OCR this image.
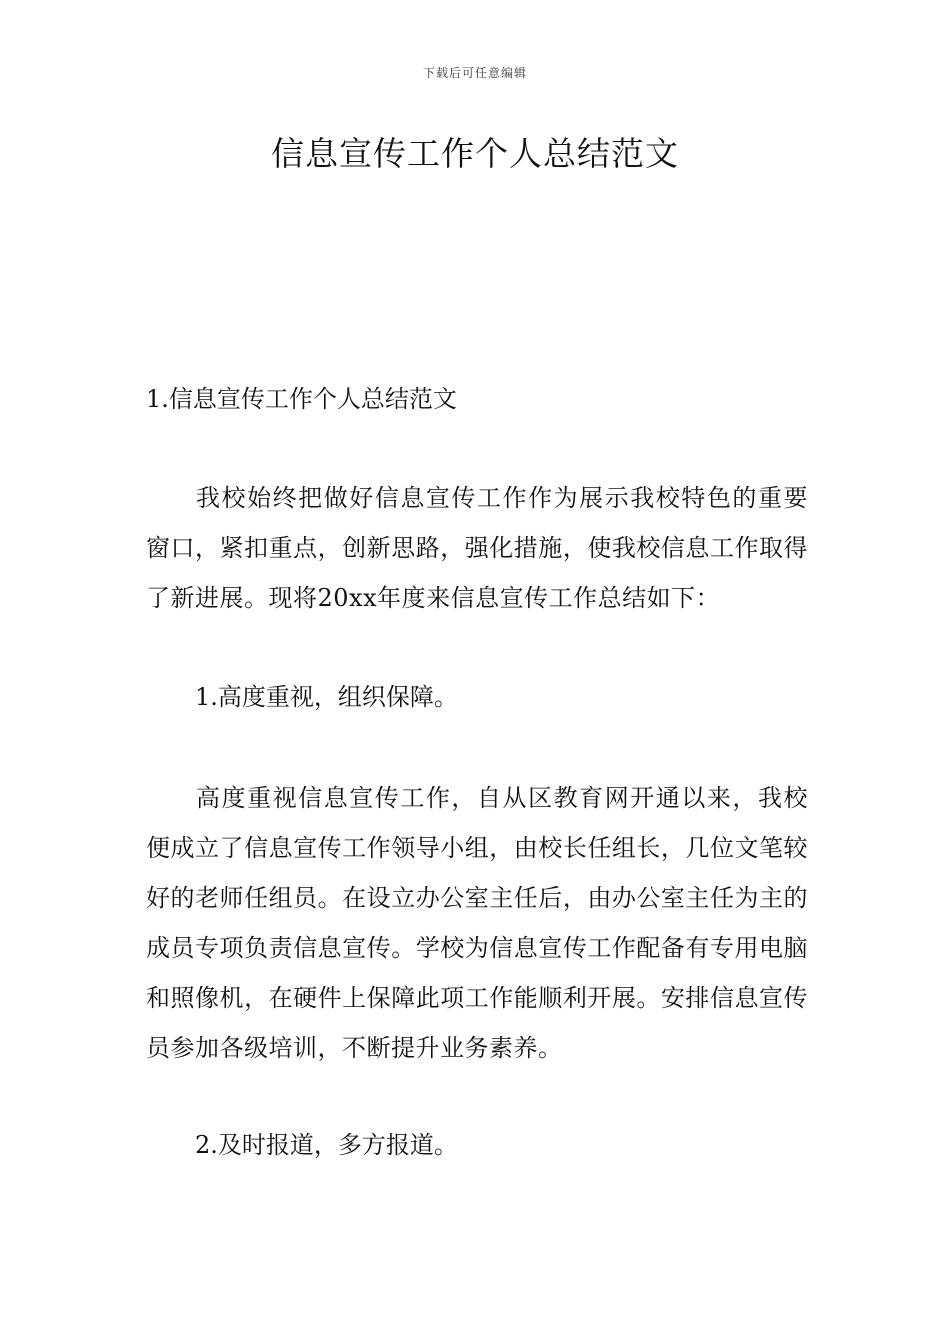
下载后可任意编辑
信息宣传工作个人总结范文
1.信息宣传工作个人总结范文

我校始终把做好信息宣传工作作为展示我校特色的重要窗口，紧扣重点，创新思路，强化措施，使我校信息工作取得了新进展。现将20xx年度来信息宣传工作总结如下：

1.高度重视，组织保障。

高度重视信息宣传工作，自从区教育网开通以来，我校便成立了信息宣传工作领导小组，由校长任组长，几位文笔较好的老师任组员。在设立办公室主任后，由办公室主任为主的成员专项负责信息宣传。学校为信息宣传工作配备有专用电脑和照像机，在硬件上保障此项工作能顺利开展。安排信息宣传员参加各级培训，不断提升业务素养。

2.及时报道，多方报道。
